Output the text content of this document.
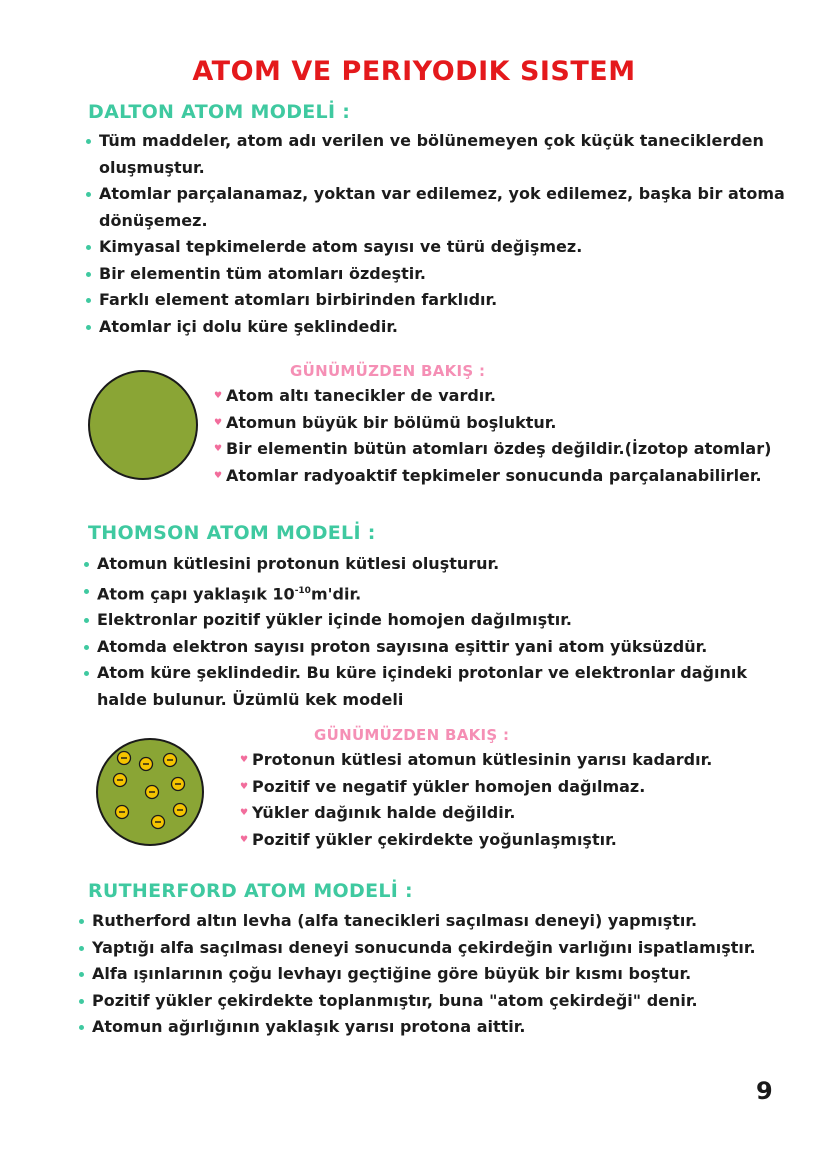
ATOM VE PERIYODIK SISTEM
DALTON ATOM MODELİ :
Tüm maddeler, atom adı verilen ve bölünemeyen çok küçük taneciklerden oluşmuştur.
Atomlar parçalanamaz, yoktan var edilemez, yok edilemez, başka bir atoma dönüşemez.
Kimyasal tepkimelerde atom sayısı ve türü değişmez.
Bir elementin tüm atomları özdeştir.
Farklı element atomları birbirinden farklıdır.
Atomlar içi dolu küre şeklindedir.
GÜNÜMÜZDEN BAKIŞ :
♥ Atom altı tanecikler de vardır.
♥ Atomun büyük bir bölümü boşluktur.
♥ Bir elementin bütün atomları özdeş değildir.(İzotop atomlar)
♥ Atomlar radyoaktif tepkimeler sonucunda parçalanabilirler.
THOMSON ATOM MODELİ :
Atomun kütlesini protonun kütlesi oluşturur.
Atom çapı yaklaşık $10^{-10}m'dir$.
Elektronlar pozitif yükler içinde homojen dağılmıştır.
Atomda elektron sayısı proton sayısına eşittir yani atom yüksüzdür.
Atom küre şeklindedir. Bu küre içindeki protonlar ve elektronlar dağınık halde bulunur. Üzümlü kek modeli
GÜNÜMÜZDEN BAKIŞ :
♥ Protonun kütlesi atomun kütlesinin yarısı kadardır.
♥ Pozitif ve negatif yükler homojen dağılmaz.
♥ Yükler dağınık halde değildir.
♥ Pozitif yükler çekirdekte yoğunlaşmıştır.
RUTHERFORD ATOM MODELİ :
Rutherford altın levha (alfa tanecikleri saçılması deneyi) yapmıştır.
Yaptığı alfa saçılması deneyi sonucunda çekirdeğin varlığını ispatlamıştır.
Alfa ışınlarının çoğu levhayı geçtiğine göre büyük bir kısmı boştur.
Pozitif yükler çekirdekte toplanmıştır, buna "atom çekirdeği" denir.
Atomun ağırlığının yaklaşık yarısı protona aittir.
9
